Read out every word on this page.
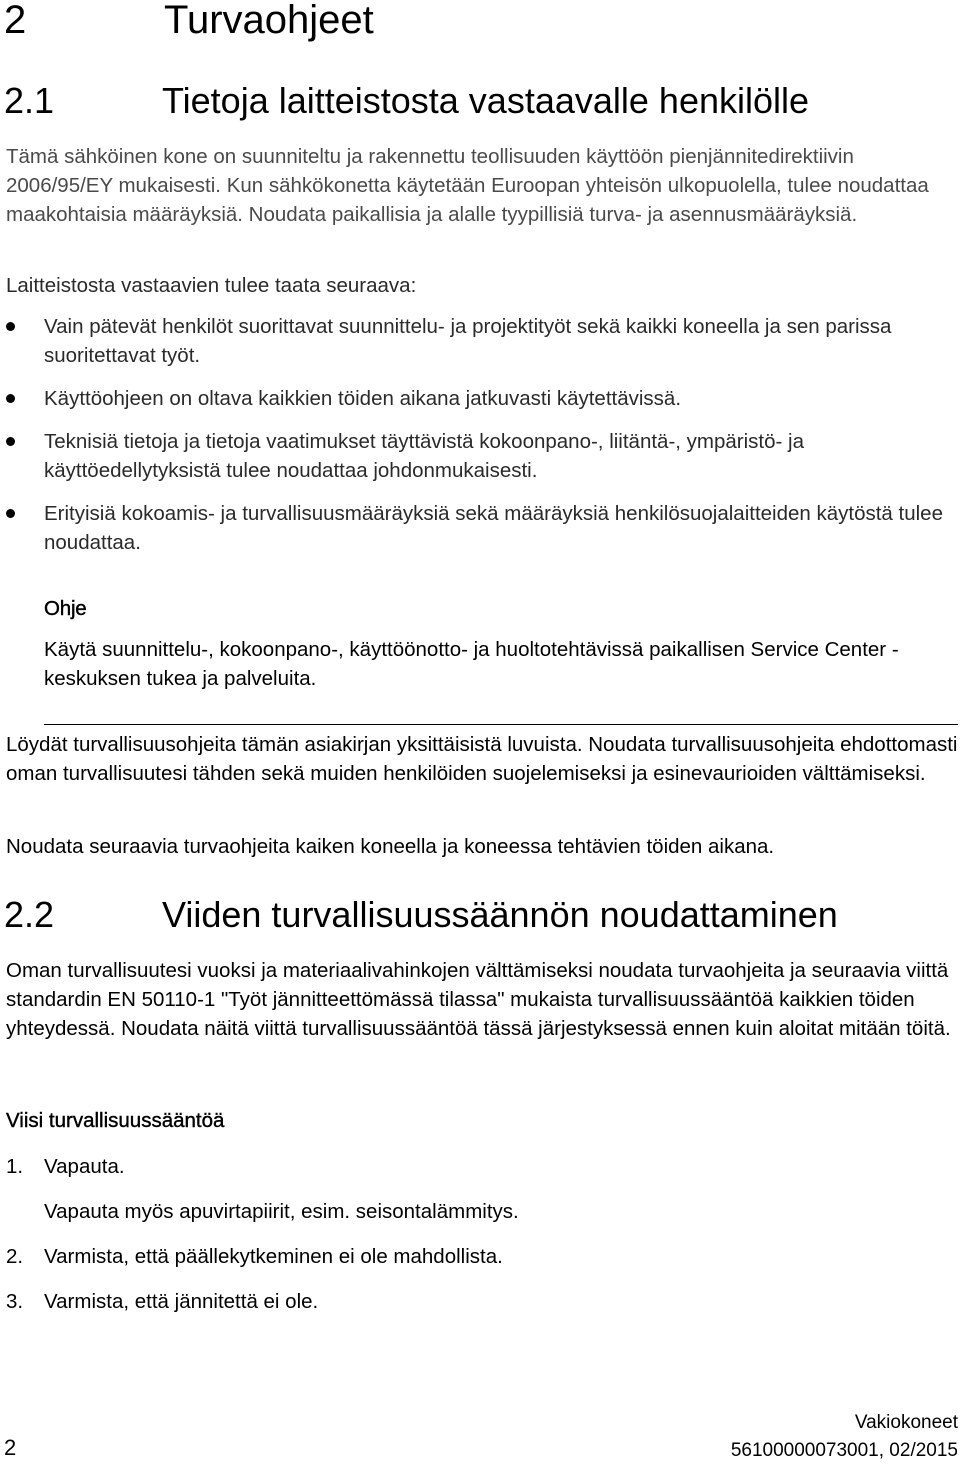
2	Turvaohjeet
2.1	Tietoja laitteistosta vastaavalle henkilölle

Tämä sähköinen kone on suunniteltu ja rakennettu teollisuuden käyttöön pienjännitedirektiivin 2006/95/EY mukaisesti. Kun sähkökonetta käytetään Euroopan yhteisön ulkopuolella, tulee noudattaa maakohtaisia määräyksiä. Noudata paikallisia ja alalle tyypillisiä turva- ja asennusmääräyksiä.

Laitteistosta vastaavien tulee taata seuraava:

Vain pätevät henkilöt suorittavat suunnittelu- ja projektityöt sekä kaikki koneella ja sen parissa suoritettavat työt.
Käyttöohjeen on oltava kaikkien töiden aikana jatkuvasti käytettävissä.
Teknisiä tietoja ja tietoja vaatimukset täyttävistä kokoonpano-, liitäntä-, ympäristö- ja käyttöedellytyksistä tulee noudattaa johdonmukaisesti.
Erityisiä kokoamis- ja turvallisuusmääräyksiä sekä määräyksiä henkilösuojalaitteiden käytöstä tulee noudattaa.
Ohje
Käytä suunnittelu-, kokoonpano-, käyttöönotto- ja huoltotehtävissä paikallisen Service Center -keskuksen tukea ja palveluita.

Löydät turvallisuusohjeita tämän asiakirjan yksittäisistä luvuista. Noudata turvallisuusohjeita ehdottomasti oman turvallisuutesi tähden sekä muiden henkilöiden suojelemiseksi ja esinevaurioiden välttämiseksi.

Noudata seuraavia turvaohjeita kaiken koneella ja koneessa tehtävien töiden aikana.

2.2	Viiden turvallisuussäännön noudattaminen

Oman turvallisuutesi vuoksi ja materiaalivahinkojen välttämiseksi noudata turvaohjeita ja seuraavia viittä standardin EN 50110-1 "Työt jännitteettömässä tilassa" mukaista turvallisuussääntöä kaikkien töiden yhteydessä. Noudata näitä viittä turvallisuussääntöä tässä järjestyksessä ennen kuin aloitat mitään töitä.

Viisi turvallisuussääntöä
1. Vapauta.
Vapauta myös apuvirtapiirit, esim. seisontalämmitys.
2. Varmista, että päällekytkeminen ei ole mahdollista.
3. Varmista, että jännitettä ei ole.
2
Vakiokoneet
56100000073001, 02/2015
